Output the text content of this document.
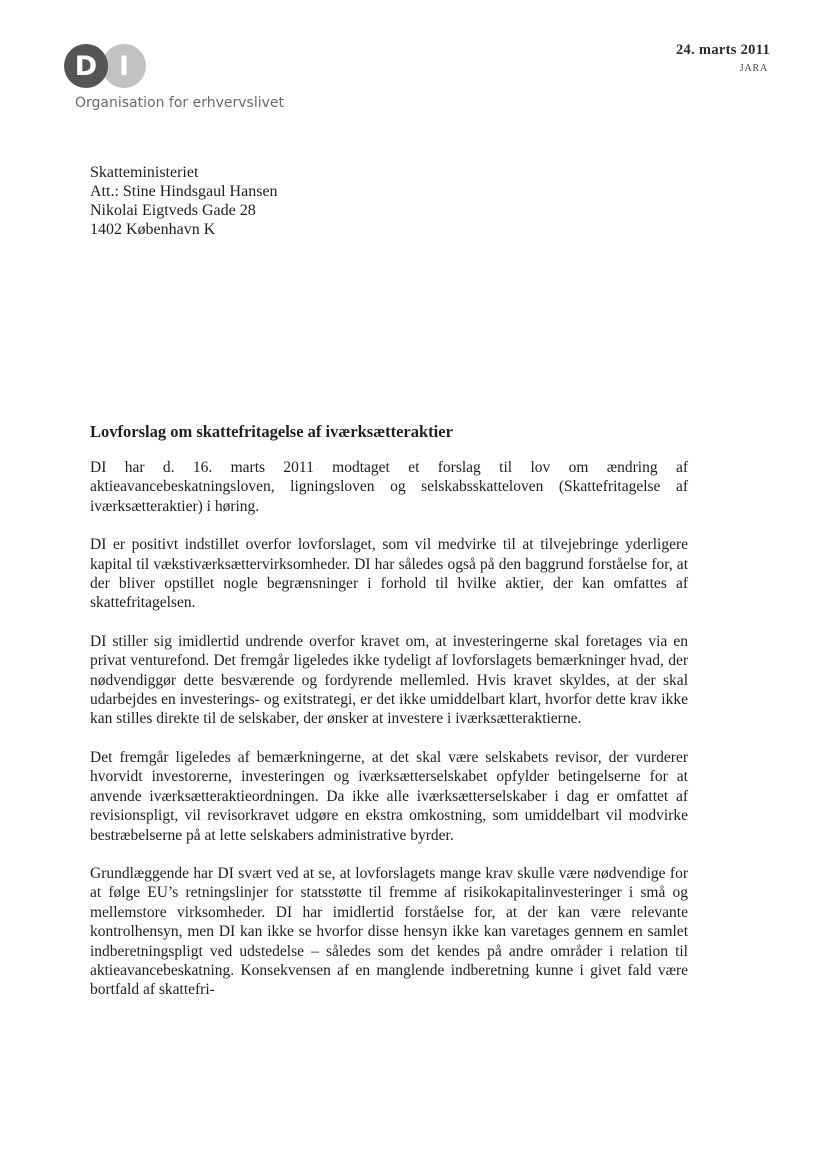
D I
Organisation for erhvervslivet
24. marts 2011
JARA
Skatteministeriet
Att.: Stine Hindsgaul Hansen
Nikolai Eigtveds Gade 28
1402 København K
Lovforslag om skattefritagelse af iværksætteraktier

DI har d. 16. marts 2011 modtaget et forslag til lov om ændring af aktieavancebeskatningsloven, ligningsloven og selskabsskatteloven (Skattefritagelse af iværksætteraktier) i høring.

DI er positivt indstillet overfor lovforslaget, som vil medvirke til at tilvejebringe yderligere kapital til vækstiværksættervirksomheder. DI har således også på den baggrund forståelse for, at der bliver opstillet nogle begrænsninger i forhold til hvilke aktier, der kan omfattes af skattefritagelsen.

DI stiller sig imidlertid undrende overfor kravet om, at investeringerne skal foretages via en privat venturefond. Det fremgår ligeledes ikke tydeligt af lovforslagets bemærkninger hvad, der nødvendiggør dette besværende og fordyrende mellemled. Hvis kravet skyldes, at der skal udarbejdes en investerings- og exitstrategi, er det ikke umiddelbart klart, hvorfor dette krav ikke kan stilles direkte til de selskaber, der ønsker at investere i iværksætteraktierne.

Det fremgår ligeledes af bemærkningerne, at det skal være selskabets revisor, der vurderer hvorvidt investorerne, investeringen og iværksætterselskabet opfylder betingelserne for at anvende iværksætteraktieordningen. Da ikke alle iværksætterselskaber i dag er omfattet af revisionspligt, vil revisorkravet udgøre en ekstra omkostning, som umiddelbart vil modvirke bestræbelserne på at lette selskabers administrative byrder.

Grundlæggende har DI svært ved at se, at lovforslagets mange krav skulle være nødvendige for at følge EU’s retningslinjer for statsstøtte til fremme af risikokapitalinvesteringer i små og mellemstore virksomheder. DI har imidlertid forståelse for, at der kan være relevante kontrolhensyn, men DI kan ikke se hvorfor disse hensyn ikke kan varetages gennem en samlet indberetningspligt ved udstedelse – således som det kendes på andre områder i relation til aktieavancebeskatning. Konsekvensen af en manglende indberetning kunne i givet fald være bortfald af skattefri-
